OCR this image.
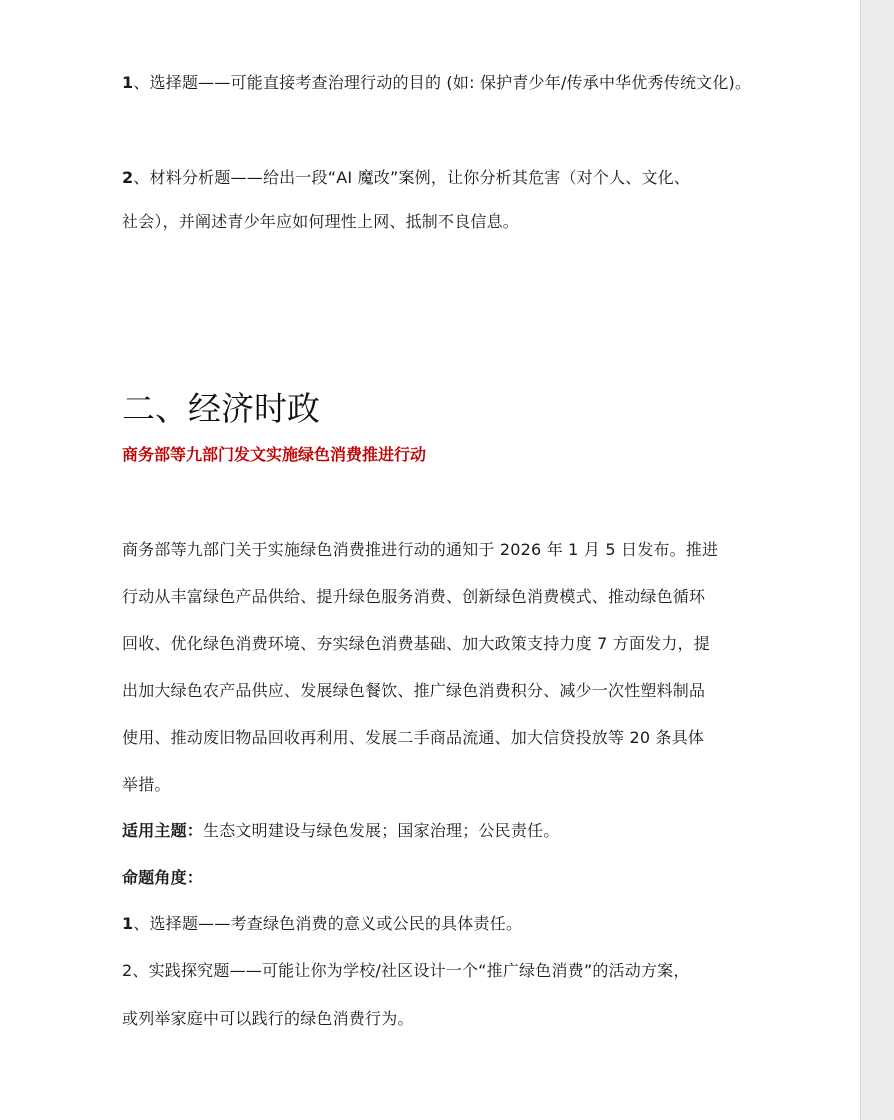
1、选择题——可能直接考查治理行动的目的 (如: 保护青少年/传承中华优秀传统文化)。

2、材料分析题——给出一段“AI 魔改”案例，让你分析其危害（对个人、文化、

社会），并阐述青少年应如何理性上网、抵制不良信息。

二、经济时政
商务部等九部门发文实施绿色消费推进行动

商务部等九部门关于实施绿色消费推进行动的通知于 2026 年 1 月 5 日发布。推进

行动从丰富绿色产品供给、提升绿色服务消费、创新绿色消费模式、推动绿色循环

回收、优化绿色消费环境、夯实绿色消费基础、加大政策支持力度 7 方面发力，提

出加大绿色农产品供应、发展绿色餐饮、推广绿色消费积分、减少一次性塑料制品

使用、推动废旧物品回收再利用、发展二手商品流通、加大信贷投放等 20 条具体

举措。

适用主题：生态文明建设与绿色发展；国家治理；公民责任。

命题角度：

1、选择题——考查绿色消费的意义或公民的具体责任。

2、实践探究题——可能让你为学校/社区设计一个“推广绿色消费”的活动方案，

或列举家庭中可以践行的绿色消费行为。
